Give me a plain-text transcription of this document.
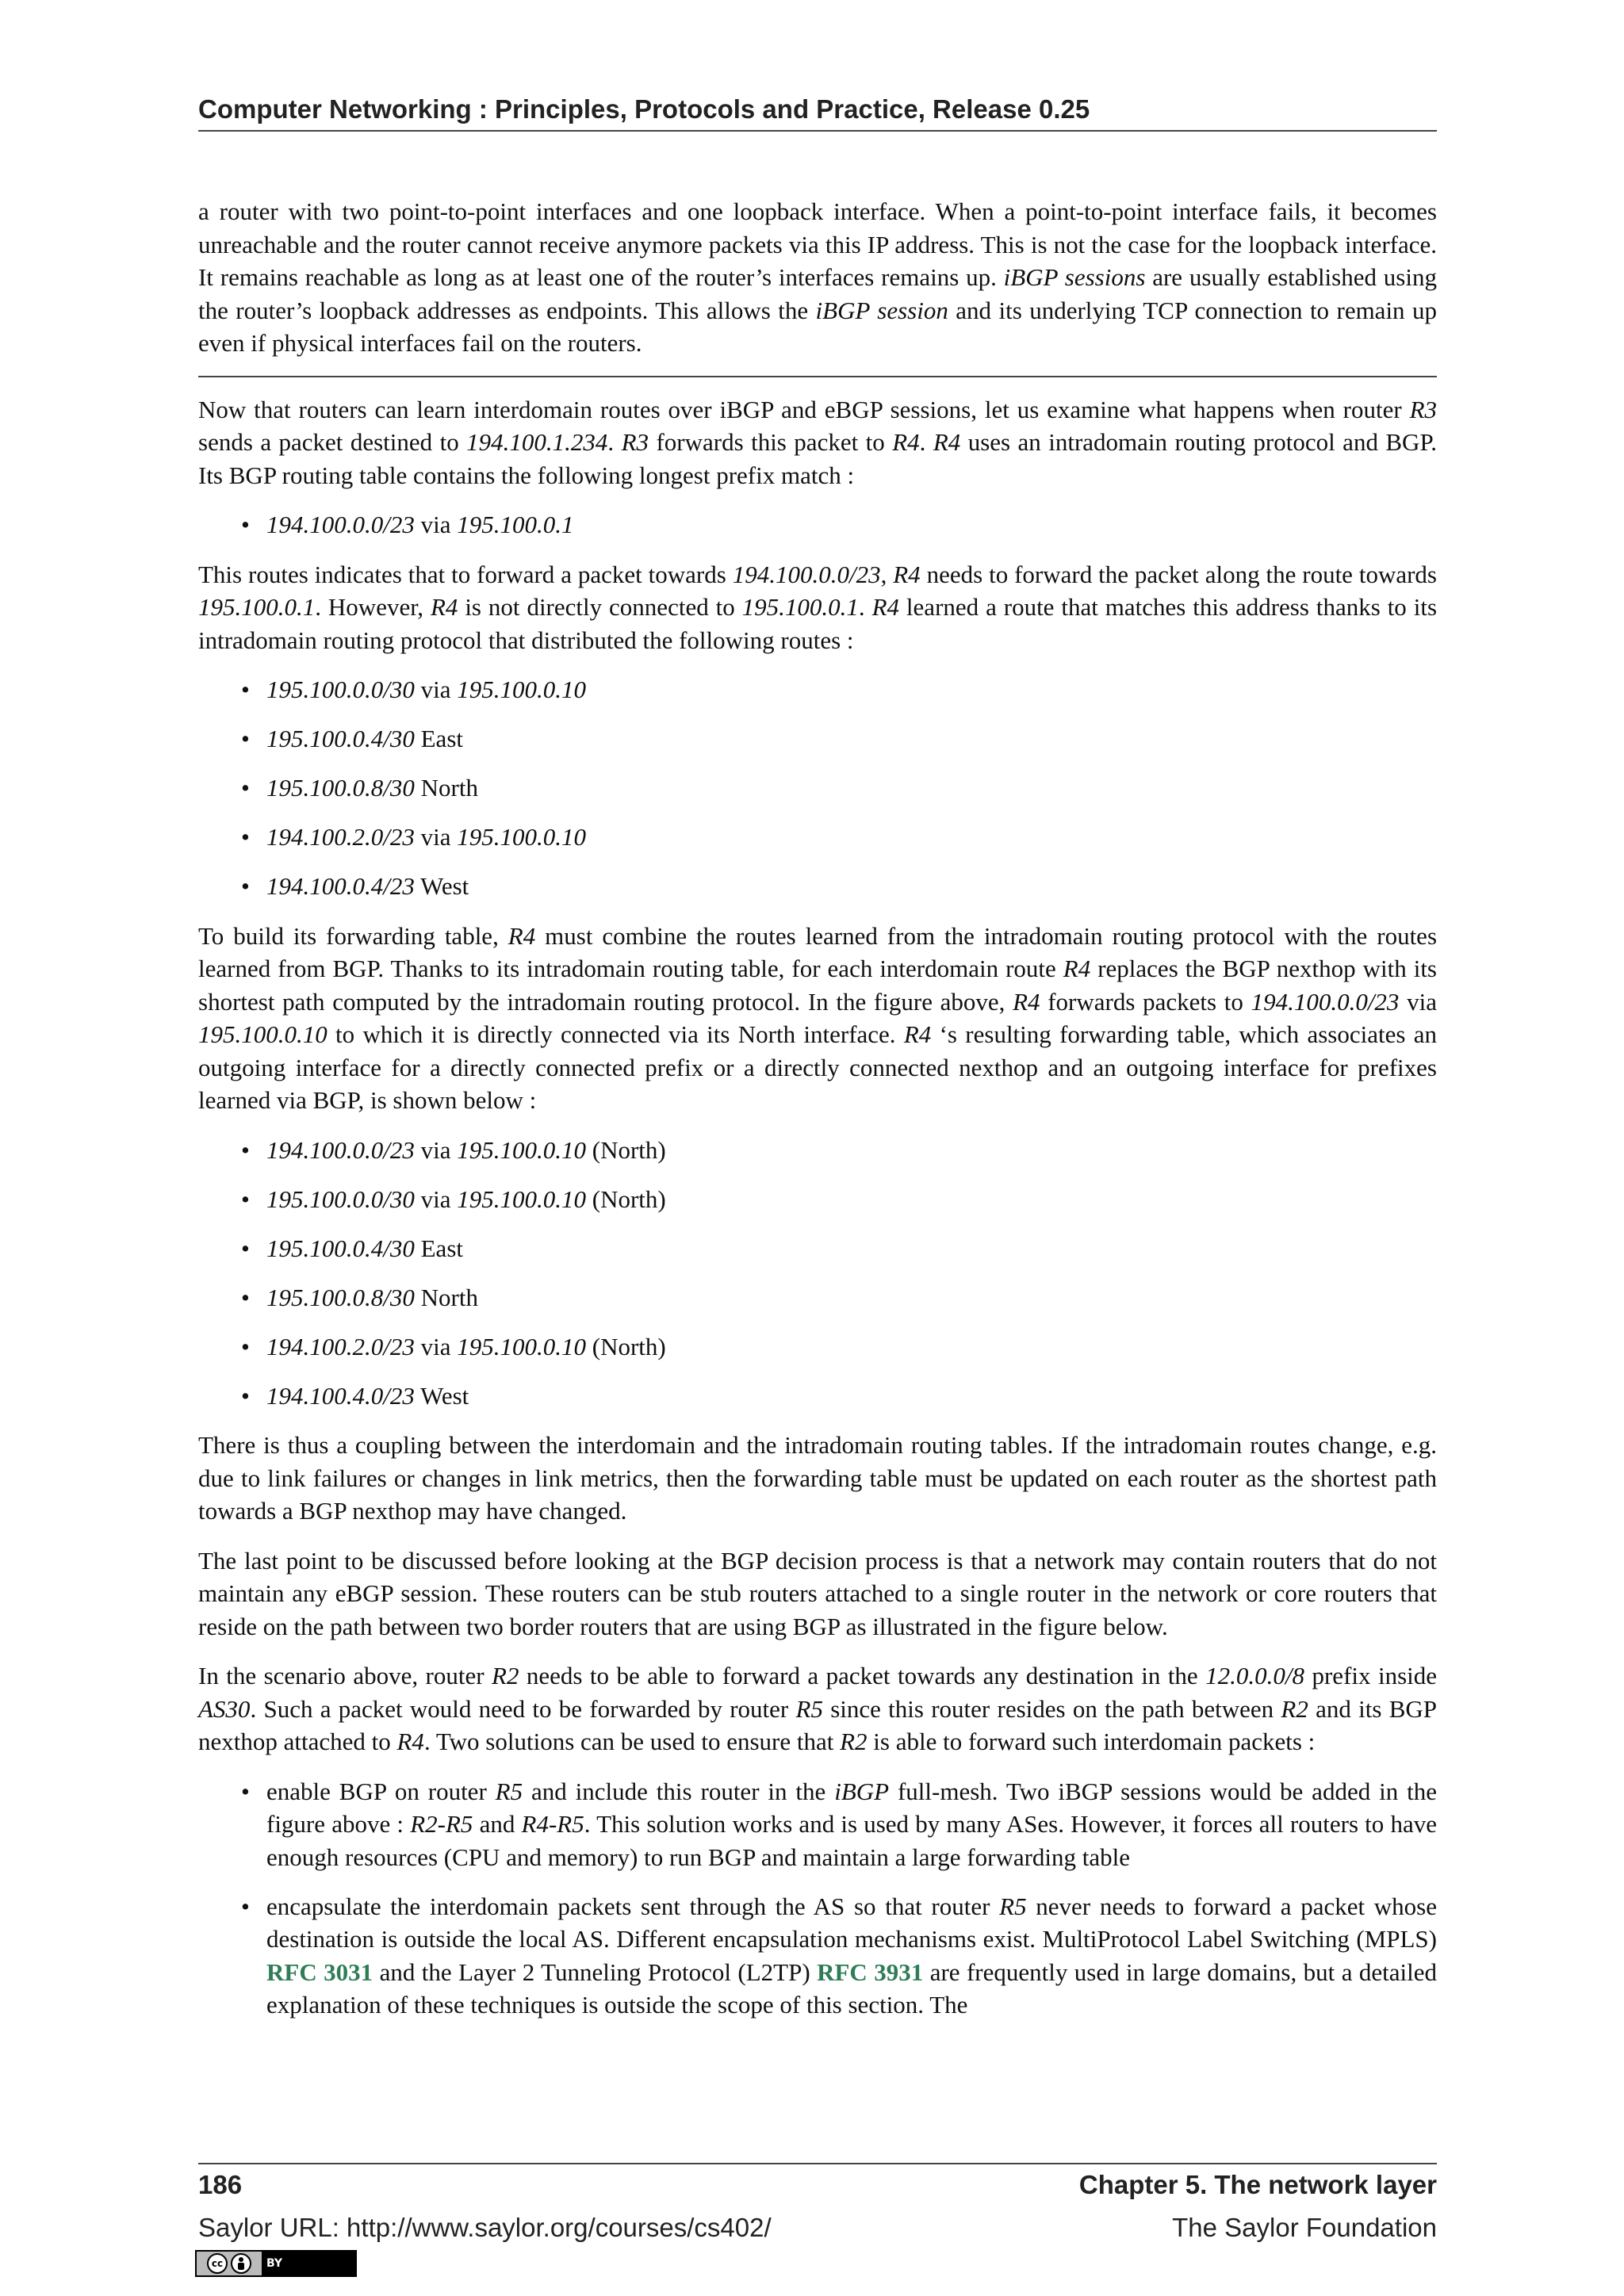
Computer Networking : Principles, Protocols and Practice, Release 0.25

a router with two point-to-point interfaces and one loopback interface. When a point-to-point interface fails, it becomes unreachable and the router cannot receive anymore packets via this IP address. This is not the case for the loopback interface. It remains reachable as long as at least one of the router’s interfaces remains up. iBGP sessions are usually established using the router’s loopback addresses as endpoints. This allows the iBGP session and its underlying TCP connection to remain up even if physical interfaces fail on the routers.

Now that routers can learn interdomain routes over iBGP and eBGP sessions, let us examine what happens when router R3 sends a packet destined to 194.100.1.234. R3 forwards this packet to R4. R4 uses an intradomain routing protocol and BGP. Its BGP routing table contains the following longest prefix match :

• 194.100.0.0/23 via 195.100.0.1

This routes indicates that to forward a packet towards 194.100.0.0/23, R4 needs to forward the packet along the route towards 195.100.0.1. However, R4 is not directly connected to 195.100.0.1. R4 learned a route that matches this address thanks to its intradomain routing protocol that distributed the following routes :

• 195.100.0.0/30 via 195.100.0.10
• 195.100.0.4/30 East
• 195.100.0.8/30 North
• 194.100.2.0/23 via 195.100.0.10
• 194.100.0.4/23 West

To build its forwarding table, R4 must combine the routes learned from the intradomain routing protocol with the routes learned from BGP. Thanks to its intradomain routing table, for each interdomain route R4 replaces the BGP nexthop with its shortest path computed by the intradomain routing protocol. In the figure above, R4 forwards packets to 194.100.0.0/23 via 195.100.0.10 to which it is directly connected via its North interface. R4 ‘s resulting forwarding table, which associates an outgoing interface for a directly connected prefix or a directly connected nexthop and an outgoing interface for prefixes learned via BGP, is shown below :

• 194.100.0.0/23 via 195.100.0.10 (North)
• 195.100.0.0/30 via 195.100.0.10 (North)
• 195.100.0.4/30 East
• 195.100.0.8/30 North
• 194.100.2.0/23 via 195.100.0.10 (North)
• 194.100.4.0/23 West

There is thus a coupling between the interdomain and the intradomain routing tables. If the intradomain routes change, e.g. due to link failures or changes in link metrics, then the forwarding table must be updated on each router as the shortest path towards a BGP nexthop may have changed.

The last point to be discussed before looking at the BGP decision process is that a network may contain routers that do not maintain any eBGP session. These routers can be stub routers attached to a single router in the network or core routers that reside on the path between two border routers that are using BGP as illustrated in the figure below.

In the scenario above, router R2 needs to be able to forward a packet towards any destination in the 12.0.0.0/8 prefix inside AS30. Such a packet would need to be forwarded by router R5 since this router resides on the path between R2 and its BGP nexthop attached to R4. Two solutions can be used to ensure that R2 is able to forward such interdomain packets :

• enable BGP on router R5 and include this router in the iBGP full-mesh. Two iBGP sessions would be added in the figure above : R2-R5 and R4-R5. This solution works and is used by many ASes. However, it forces all routers to have enough resources (CPU and memory) to run BGP and maintain a large forwarding table
• encapsulate the interdomain packets sent through the AS so that router R5 never needs to forward a packet whose destination is outside the local AS. Different encapsulation mechanisms exist. MultiProtocol Label Switching (MPLS) RFC 3031 and the Layer 2 Tunneling Protocol (L2TP) RFC 3931 are frequently used in large domains, but a detailed explanation of these techniques is outside the scope of this section. The
186	Chapter 5. The network layer
Saylor URL: http://www.saylor.org/courses/cs402/	The Saylor Foundation
cc	BY
